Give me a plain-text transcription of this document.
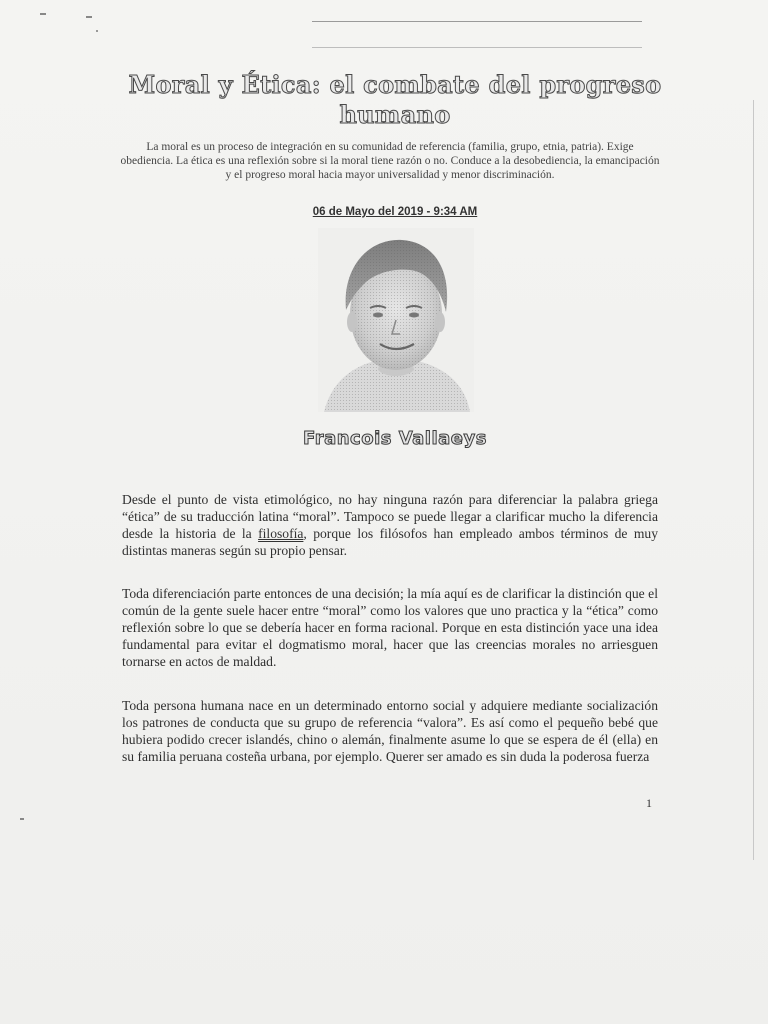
Moral y Ética: el combate del progreso humano
La moral es un proceso de integración en su comunidad de referencia (familia, grupo, etnia, patria). Exige obediencia. La ética es una reflexión sobre si la moral tiene razón o no. Conduce a la desobediencia, la emancipación y el progreso moral hacia mayor universalidad y menor discriminación.
06 de Mayo del 2019 - 9:34 AM
Francois Vallaeys

Desde el punto de vista etimológico, no hay ninguna razón para diferenciar la palabra griega “ética” de su traducción latina “moral”. Tampoco se puede llegar a clarificar mucho la diferencia desde la historia de la filosofía, porque los filósofos han empleado ambos términos de muy distintas maneras según su propio pensar.

Toda diferenciación parte entonces de una decisión; la mía aquí es de clarificar la distinción que el común de la gente suele hacer entre “moral” como los valores que uno practica y la “ética” como reflexión sobre lo que se debería hacer en forma racional. Porque en esta distinción yace una idea fundamental para evitar el dogmatismo moral, hacer que las creencias morales no arriesguen tornarse en actos de maldad.

Toda persona humana nace en un determinado entorno social y adquiere mediante socialización los patrones de conducta que su grupo de referencia “valora”. Es así como el pequeño bebé que hubiera podido crecer islandés, chino o alemán, finalmente asume lo que se espera de él (ella) en su familia peruana costeña urbana, por ejemplo. Querer ser amado es sin duda la poderosa fuerza

1
